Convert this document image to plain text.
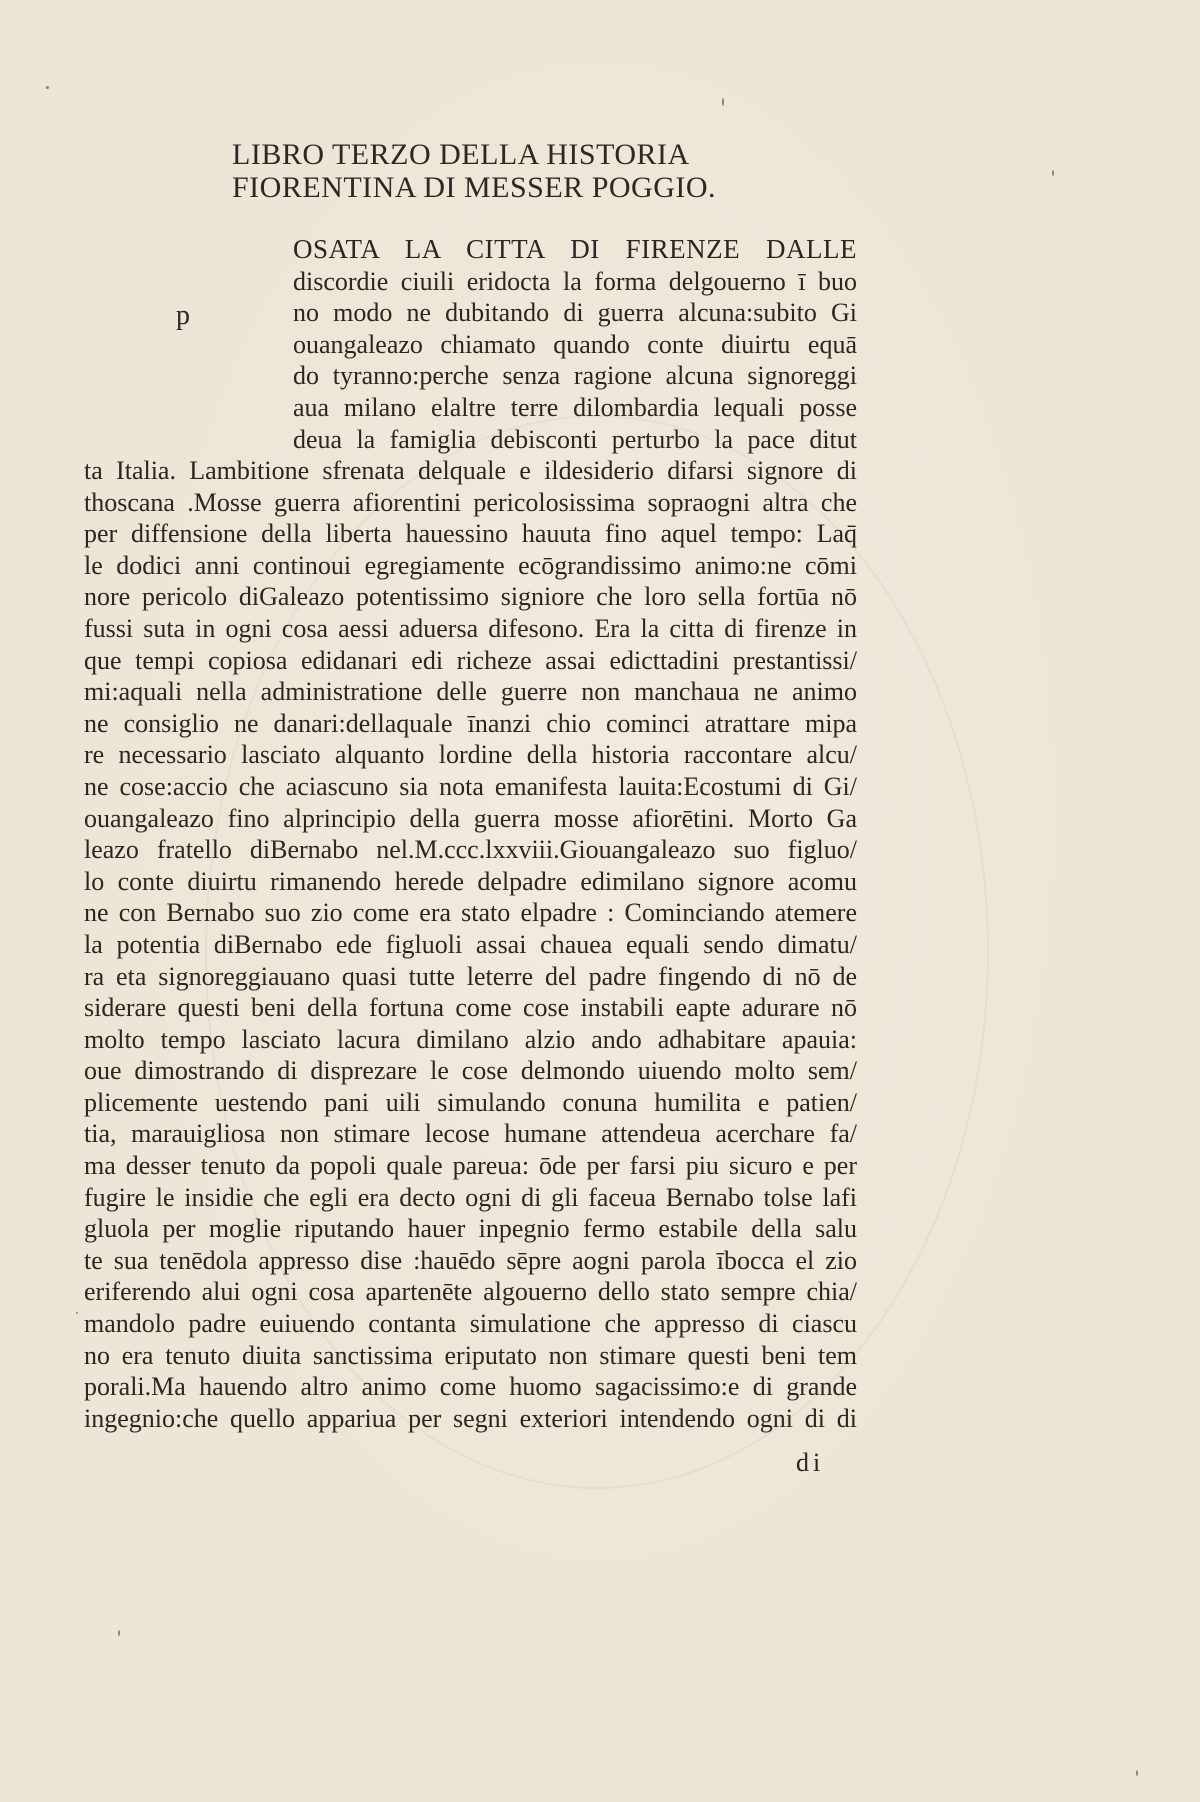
LIBRO TERZO DELLA HISTORIA
FIORENTINA DI MESSER POGGIO.
p
OSATA LA CITTA DI FIRENZE DALLE
discordie ciuili eridocta la forma delgouerno ī buo
no modo ne dubitando di guerra alcuna:subito Gi
ouangaleazo chiamato quando conte diuirtu equā
do tyranno:perche senza ragione alcuna signoreggi
aua milano elaltre terre dilombardia lequali posse
deua la famiglia debisconti perturbo la pace ditut
ta Italia. Lambitione sfrenata delquale e ildesiderio difarsi signore di
thoscana .Mosse guerra afiorentini pericolosissima sopraogni altra che
per diffensione della liberta hauessino hauuta fino aquel tempo: Laq̄
le dodici anni continoui egregiamente ecōgrandissimo animo:ne cōmi
nore pericolo diGaleazo potentissimo signiore che loro sella fortūa nō
fussi suta in ogni cosa aessi aduersa difesono. Era la citta di firenze in
que tempi copiosa edidanari edi richeze assai edicttadini prestantissi/
mi:aquali nella administratione delle guerre non manchaua ne animo
ne consiglio ne danari:dellaquale īnanzi chio cominci atrattare mipa
re necessario lasciato alquanto lordine della historia raccontare alcu/
ne cose:accio che aciascuno sia nota emanifesta lauita:Ecostumi di Gi/
ouangaleazo fino alprincipio della guerra mosse afiorētini. Morto Ga
leazo fratello diBernabo nel.M.ccc.lxxviii.Giouangaleazo suo figluo/
lo conte diuirtu rimanendo herede delpadre edimilano signore acomu
ne con Bernabo suo zio come era stato elpadre : Cominciando atemere
la potentia diBernabo ede figluoli assai chauea equali sendo dimatu/
ra eta signoreggiauano quasi tutte leterre del padre fingendo di nō de
siderare questi beni della fortuna come cose instabili eapte adurare nō
molto tempo lasciato lacura dimilano alzio ando adhabitare apauia:
oue dimostrando di disprezare le cose delmondo uiuendo molto sem/
plicemente uestendo pani uili simulando conuna humilita e patien/
tia, marauigliosa non stimare lecose humane attendeua acerchare fa/
ma desser tenuto da popoli quale pareua: ōde per farsi piu sicuro e per
fugire le insidie che egli era decto ogni di gli faceua Bernabo tolse lafi
gluola per moglie riputando hauer inpegnio fermo estabile della salu
te sua tenēdola appresso dise :hauēdo sēpre aogni parola ībocca el zio
eriferendo alui ogni cosa apartenēte algouerno dello stato sempre chia/
mandolo padre euiuendo contanta simulatione che appresso di ciascu
no era tenuto diuita sanctissima eriputato non stimare questi beni tem
porali.Ma hauendo altro animo come huomo sagacissimo:e di grande
ingegnio:che quello appariua per segni exteriori intendendo ogni di di
di
